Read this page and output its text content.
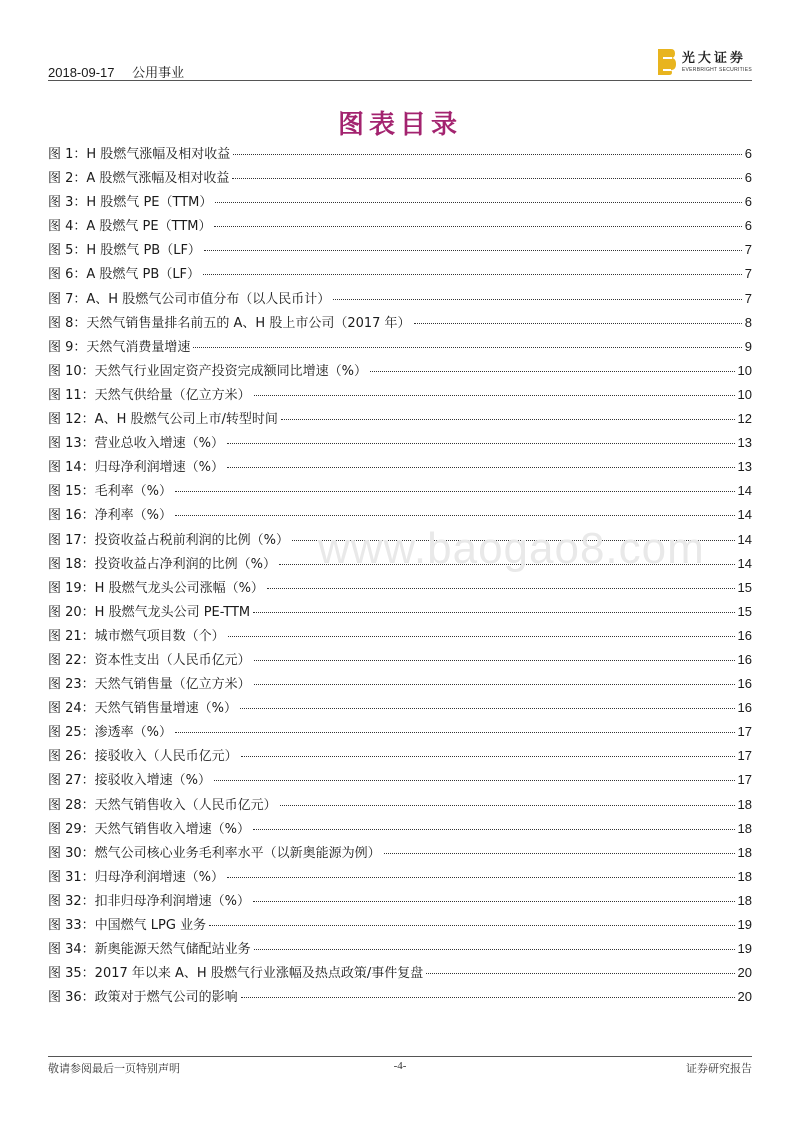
2018-09-17 公用事业
光大证券
EVERBRIGHT SECURITIES
图表目录
图 1：H 股燃气涨幅及相对收益	6
图 2：A 股燃气涨幅及相对收益	6
图 3：H 股燃气 PE（TTM）	6
图 4：A 股燃气 PE（TTM）	6
图 5：H 股燃气 PB（LF）	7
图 6：A 股燃气 PB（LF）	7
图 7：A、H 股燃气公司市值分布（以人民币计）	7
图 8：天然气销售量排名前五的 A、H 股上市公司（2017 年）	8
图 9：天然气消费量增速	9
图 10：天然气行业固定资产投资完成额同比增速（%）	10
图 11：天然气供给量（亿立方米）	10
图 12：A、H 股燃气公司上市/转型时间	12
图 13：营业总收入增速（%）	13
图 14：归母净利润增速（%）	13
图 15：毛利率（%）	14
图 16：净利率（%）	14
图 17：投资收益占税前利润的比例（%）	14
图 18：投资收益占净利润的比例（%）	14
图 19：H 股燃气龙头公司涨幅（%）	15
图 20：H 股燃气龙头公司 PE-TTM	15
图 21：城市燃气项目数（个）	16
图 22：资本性支出（人民币亿元）	16
图 23：天然气销售量（亿立方米）	16
图 24：天然气销售量增速（%）	16
图 25：渗透率（%）	17
图 26：接驳收入（人民币亿元）	17
图 27：接驳收入增速（%）	17
图 28：天然气销售收入（人民币亿元）	18
图 29：天然气销售收入增速（%）	18
图 30：燃气公司核心业务毛利率水平（以新奥能源为例）	18
图 31：归母净利润增速（%）	18
图 32：扣非归母净利润增速（%）	18
图 33：中国燃气 LPG 业务	19
图 34：新奥能源天然气储配站业务	19
图 35：2017 年以来 A、H 股燃气行业涨幅及热点政策/事件复盘	20
图 36：政策对于燃气公司的影响	20
www.baogao8.com
敬请参阅最后一页特别声明	-4-	证券研究报告
